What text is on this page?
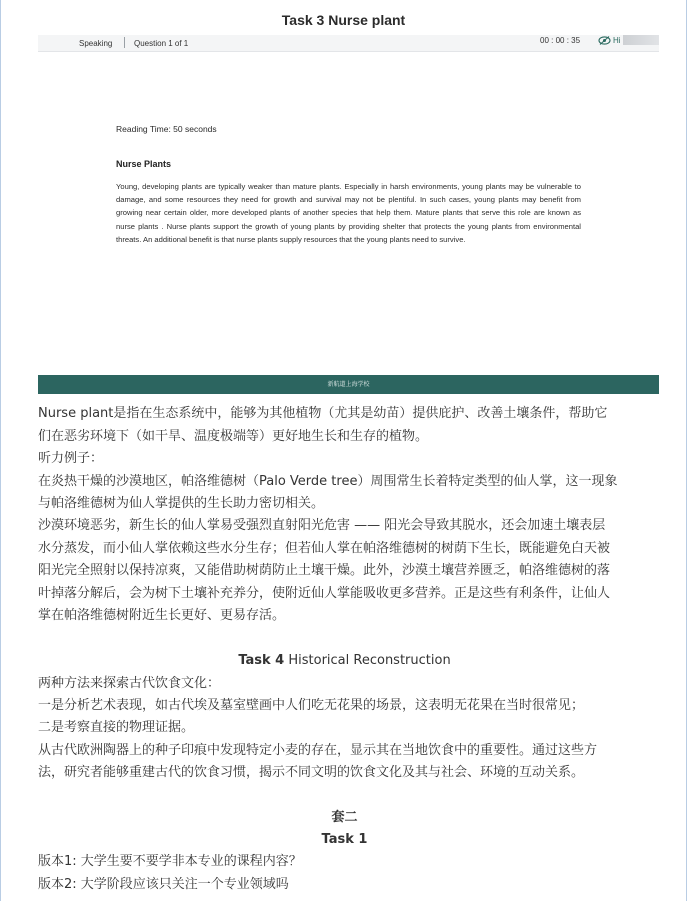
Task 3 Nurse plant
Speaking	Question 1 of 1	00 : 00 : 35	Hi
Reading Time: 50 seconds
Nurse Plants
Young, developing plants are typically weaker than mature plants. Especially in harsh environments, young plants may be vulnerable to damage, and some resources they need for growth and survival may not be plentiful. In such cases, young plants may benefit from growing near certain older, more developed plants of another species that help them. Mature plants that serve this role are known as nurse plants . Nurse plants support the growth of young plants by providing shelter that protects the young plants from environmental threats. An additional benefit is that nurse plants supply resources that the young plants need to survive.
新航道上海学校
Nurse plant是指在生态系统中，能够为其他植物（尤其是幼苗）提供庇护、改善土壤条件，帮助它
们在恶劣环境下（如干旱、温度极端等）更好地生长和生存的植物。
听力例子：
在炎热干燥的沙漠地区，帕洛维德树（Palo Verde tree）周围常生长着特定类型的仙人掌，这一现象
与帕洛维德树为仙人掌提供的生长助力密切相关。
沙漠环境恶劣，新生长的仙人掌易受强烈直射阳光危害 —— 阳光会导致其脱水，还会加速土壤表层
水分蒸发，而小仙人掌依赖这些水分生存；但若仙人掌在帕洛维德树的树荫下生长，既能避免白天被
阳光完全照射以保持凉爽，又能借助树荫防止土壤干燥。此外，沙漠土壤营养匮乏，帕洛维德树的落
叶掉落分解后，会为树下土壤补充养分，使附近仙人掌能吸收更多营养。正是这些有利条件，让仙人
掌在帕洛维德树附近生长更好、更易存活。
Task 4 Historical Reconstruction
两种方法来探索古代饮食文化：
一是分析艺术表现，如古代埃及墓室壁画中人们吃无花果的场景，这表明无花果在当时很常见；
二是考察直接的物理证据。
从古代欧洲陶器上的种子印痕中发现特定小麦的存在，显示其在当地饮食中的重要性。通过这些方
法，研究者能够重建古代的饮食习惯，揭示不同文明的饮食文化及其与社会、环境的互动关系。
套二
Task 1
版本1: 大学生要不要学非本专业的课程内容？
版本2: 大学阶段应该只关注一个专业领域吗
